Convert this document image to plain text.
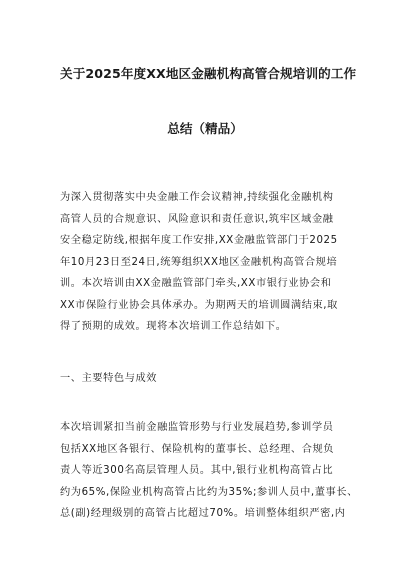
关于2025年度XX地区金融机构高管合规培训的工作
总结（精品）
为深入贯彻落实中央金融工作会议精神,持续强化金融机构
高管人员的合规意识、风险意识和责任意识,筑牢区域金融
安全稳定防线,根据年度工作安排,XX金融监管部门于2025
年10月23日至24日,统筹组织XX地区金融机构高管合规培
训。本次培训由XX金融监管部门牵头,XX市银行业协会和
XX市保险行业协会具体承办。为期两天的培训圆满结束,取
得了预期的成效。现将本次培训工作总结如下。
一、主要特色与成效
本次培训紧扣当前金融监管形势与行业发展趋势,参训学员
包括XX地区各银行、保险机构的董事长、总经理、合规负
责人等近300名高层管理人员。其中,银行业机构高管占比
约为65%,保险业机构高管占比约为35%;参训人员中,董事长、
总(副)经理级别的高管占比超过70%。培训整体组织严密,内
